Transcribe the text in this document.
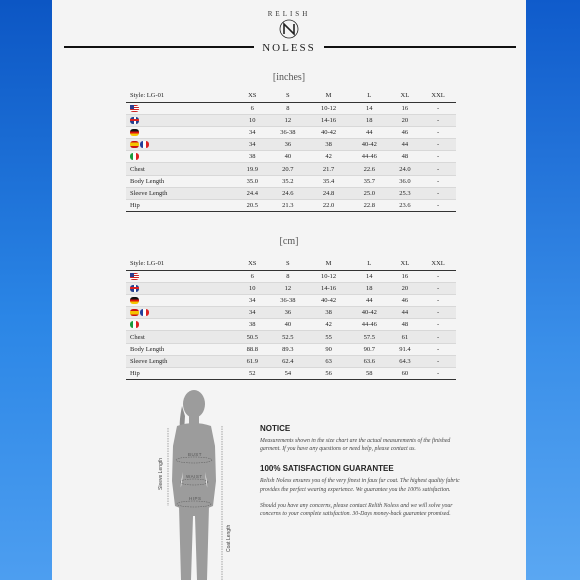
RELISH
NOLESS
[inches]
Style: LG-01	XS	S	M	L	XL	XXL
	6	8	10-12	14	16	-
	10	12	14-16	18	20	-
	34	36-38	40-42	44	46	-
	34	36	38	40-42	44	-
	38	40	42	44-46	48	-
Chest	19.9	20.7	21.7	22.6	24.0	-
Body Length	35.0	35.2	35.4	35.7	36.0	-
Sleeve Length	24.4	24.6	24.8	25.0	25.3	-
Hip	20.5	21.3	22.0	22.8	23.6	-
[cm]
Style: LG-01	XS	S	M	L	XL	XXL
	6	8	10-12	14	16	-
	10	12	14-16	18	20	-
	34	36-38	40-42	44	46	-
	34	36	38	40-42	44	-
	38	40	42	44-46	48	-
Chest	50.5	52.5	55	57.5	61	-
Body Length	88.8	89.3	90	90.7	91.4	-
Sleeve Length	61.9	62.4	63	63.6	64.3	-
Hip	52	54	56	58	60	-
BUST
WAIST
HIPS
Sleeve Length
Coat Length
NOTICE
Measurements shown in the size chart are the actual measurements of the finished garment. If you have any questions or need help, please contact us.
100% SATISFACTION GUARANTEE
Relish Noless ensures you of the very finest in faux fur coat. The highest quality fabric provides the perfect wearing experience. We guarantee you the 100% satisfaction.
Should you have any concerns, please contact Relith Noless and we will solve your concerns to your complete satisfaction. 30-Days money-back guarantee promised.
